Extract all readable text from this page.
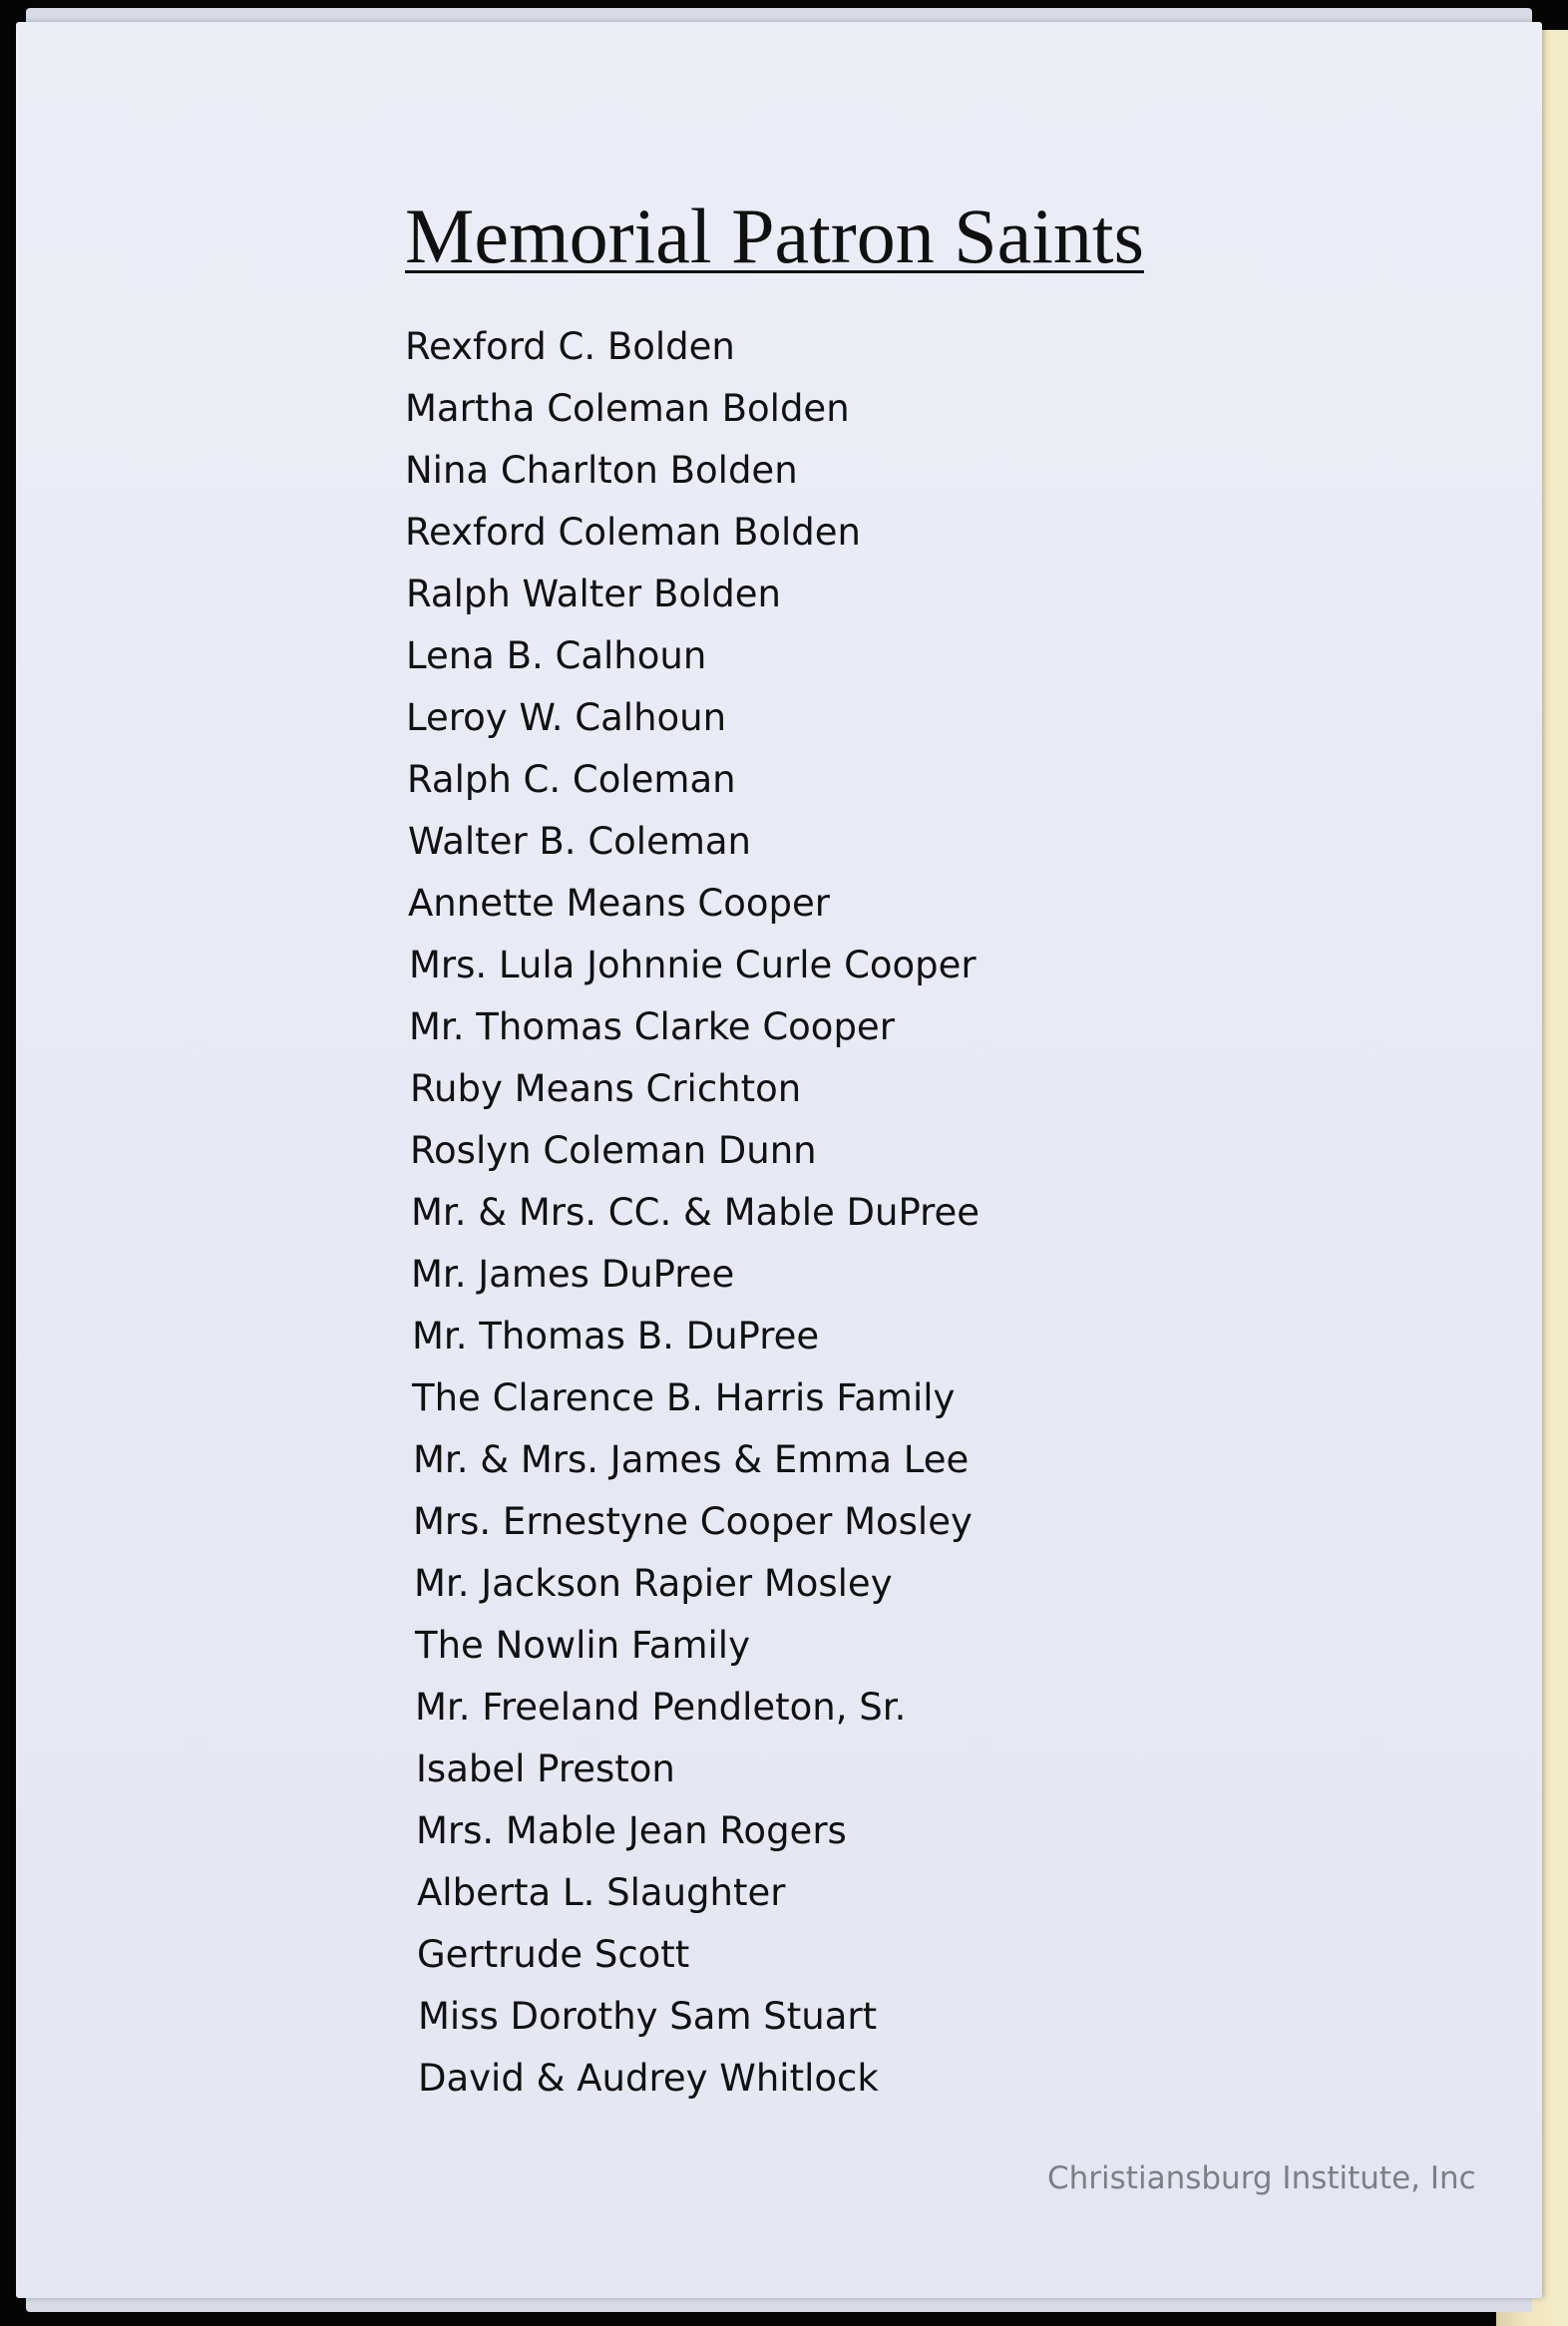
Memorial Patron Saints
Rexford C. Bolden
Martha Coleman Bolden
Nina Charlton Bolden
Rexford Coleman Bolden
Ralph Walter Bolden
Lena B. Calhoun
Leroy W. Calhoun
Ralph C. Coleman
Walter B. Coleman
Annette Means Cooper
Mrs. Lula Johnnie Curle Cooper
Mr. Thomas Clarke Cooper
Ruby Means Crichton
Roslyn Coleman Dunn
Mr. & Mrs. CC. & Mable DuPree
Mr. James DuPree
Mr. Thomas B. DuPree
The Clarence B. Harris Family
Mr. & Mrs. James & Emma Lee
Mrs. Ernestyne Cooper Mosley
Mr. Jackson Rapier Mosley
The Nowlin Family
Mr. Freeland Pendleton, Sr.
Isabel Preston
Mrs. Mable Jean Rogers
Alberta L. Slaughter
Gertrude Scott
Miss Dorothy Sam Stuart
David & Audrey Whitlock
Christiansburg Institute, Inc
